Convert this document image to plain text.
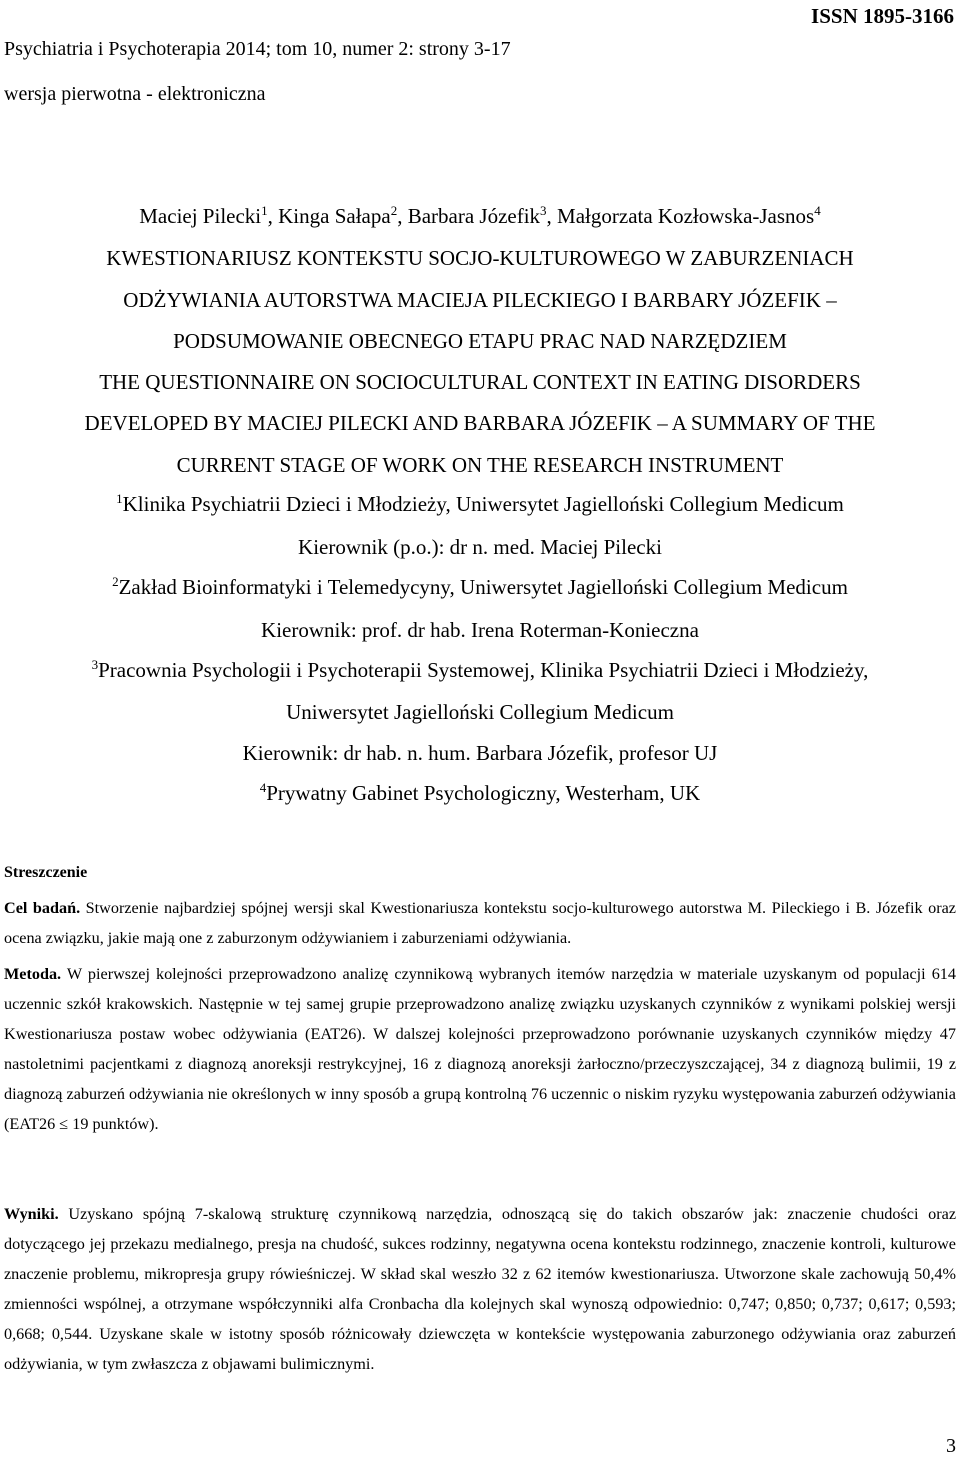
Psychiatria i Psychoterapia 2014; tom 10, numer 2: strony 3-17
wersja pierwotna - elektroniczna
ISSN 1895-3166
Maciej Pilecki$^1$, Kinga Sałapa$^2$, Barbara Józefik$^3$, Małgorzata Kozłowska-Jasnos$^4$
KWESTIONARIUSZ KONTEKSTU SOCJO-KULTUROWEGO W ZABURZENIACH
ODŻYWIANIA AUTORSTWA MACIEJA PILECKIEGO I BARBARY JÓZEFIK –
PODSUMOWANIE OBECNEGO ETAPU PRAC NAD NARZĘDZIEM
THE QUESTIONNAIRE ON SOCIOCULTURAL CONTEXT IN EATING DISORDERS
DEVELOPED BY MACIEJ PILECKI AND BARBARA JÓZEFIK – A SUMMARY OF THE
CURRENT STAGE OF WORK ON THE RESEARCH INSTRUMENT
$^1$Klinika Psychiatrii Dzieci i Młodzieży, Uniwersytet Jagielloński Collegium Medicum
Kierownik (p.o.): dr n. med. Maciej Pilecki
$^2$Zakład Bioinformatyki i Telemedycyny, Uniwersytet Jagielloński Collegium Medicum
Kierownik: prof. dr hab. Irena Roterman-Konieczna
$^3$Pracownia Psychologii i Psychoterapii Systemowej, Klinika Psychiatrii Dzieci i Młodzieży,
Uniwersytet Jagielloński Collegium Medicum
Kierownik: dr hab. n. hum. Barbara Józefik, profesor UJ
$^4$Prywatny Gabinet Psychologiczny, Westerham, UK
Streszczenie
Cel badań. Stworzenie najbardziej spójnej wersji skal Kwestionariusza kontekstu socjo-kulturowego autorstwa M. Pileckiego i B. Józefik oraz ocena związku, jakie mają one z zaburzonym odżywianiem i zaburzeniami odżywiania.
Metoda. W pierwszej kolejności przeprowadzono analizę czynnikową wybranych itemów narzędzia w materiale uzyskanym od populacji 614 uczennic szkół krakowskich. Następnie w tej samej grupie przeprowadzono analizę związku uzyskanych czynników z wynikami polskiej wersji Kwestionariusza postaw wobec odżywiania (EAT26). W dalszej kolejności przeprowadzono porównanie uzyskanych czynników między 47 nastoletnimi pacjentkami z diagnozą anoreksji restrykcyjnej, 16 z diagnozą anoreksji żarłoczno/przeczyszczającej, 34 z diagnozą bulimii, 19 z diagnozą zaburzeń odżywiania nie określonych w inny sposób a grupą kontrolną 76 uczennic o niskim ryzyku występowania zaburzeń odżywiania (EAT26 ≤ 19 punktów).
Wyniki. Uzyskano spójną 7-skalową strukturę czynnikową narzędzia, odnoszącą się do takich obszarów jak: znaczenie chudości oraz dotyczącego jej przekazu medialnego, presja na chudość, sukces rodzinny, negatywna ocena kontekstu rodzinnego, znaczenie kontroli, kulturowe znaczenie problemu, mikropresja grupy rówieśniczej. W skład skal weszło 32 z 62 itemów kwestionariusza. Utworzone skale zachowują 50,4% zmienności wspólnej, a otrzymane współczynniki alfa Cronbacha dla kolejnych skal wynoszą odpowiednio: 0,747; 0,850; 0,737; 0,617; 0,593; 0,668; 0,544. Uzyskane skale w istotny sposób różnicowały dziewczęta w kontekście występowania zaburzonego odżywiania oraz zaburzeń odżywiania, w tym zwłaszcza z objawami bulimicznymi.
3
